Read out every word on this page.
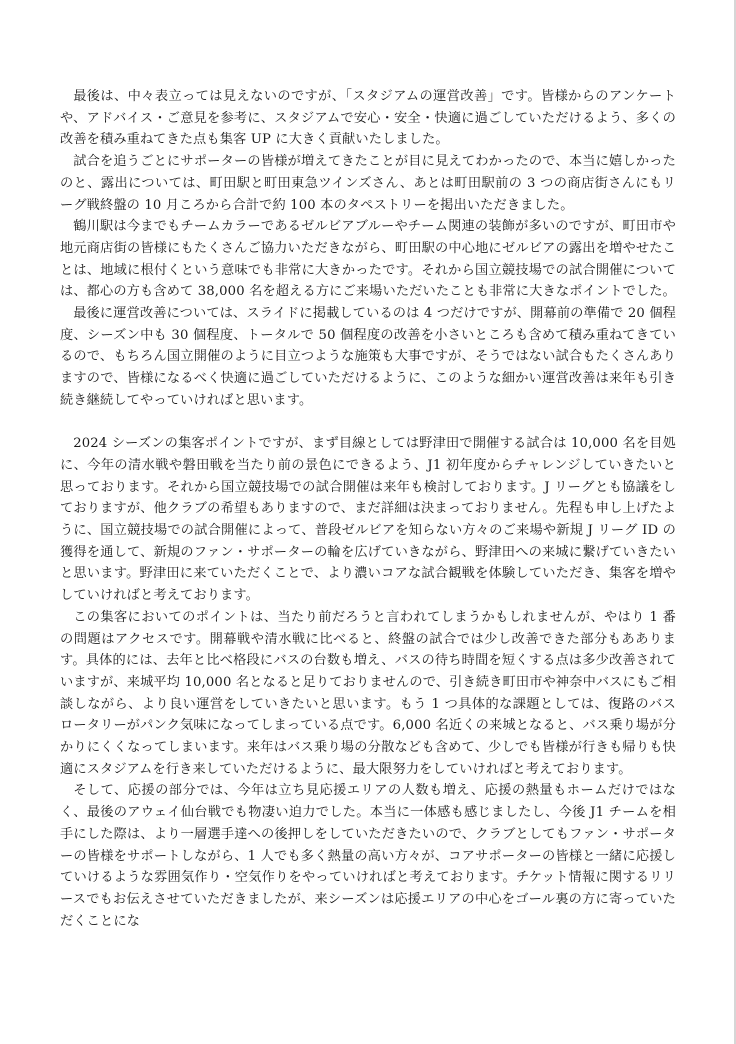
最後は、中々表立っては見えないのですが、「スタジアムの運営改善」です。皆様からのアンケートや、アドバイス・ご意見を参考に、スタジアムで安心・安全・快適に過ごしていただけるよう、多くの改善を積み重ねてきた点も集客 UP に大きく貢献いたしました。

試合を追うごとにサポーターの皆様が増えてきたことが目に見えてわかったので、本当に嬉しかったのと、露出については、町田駅と町田東急ツインズさん、あとは町田駅前の 3 つの商店街さんにもリーグ戦終盤の 10 月ころから合計で約 100 本のタペストリーを掲出いただきました。

鶴川駅は今までもチームカラーであるゼルビアブルーやチーム関連の装飾が多いのですが、町田市や地元商店街の皆様にもたくさんご協力いただきながら、町田駅の中心地にゼルビアの露出を増やせたことは、地域に根付くという意味でも非常に大きかったです。それから国立競技場での試合開催については、都心の方も含めて 38,000 名を超える方にご来場いただいたことも非常に大きなポイントでした。

最後に運営改善については、スライドに掲載しているのは 4 つだけですが、開幕前の準備で 20 個程度、シーズン中も 30 個程度、トータルで 50 個程度の改善を小さいところも含めて積み重ねてきているので、もちろん国立開催のように目立つような施策も大事ですが、そうではない試合もたくさんありますので、皆様になるべく快適に過ごしていただけるように、このような細かい運営改善は来年も引き続き継続してやっていければと思います。

2024 シーズンの集客ポイントですが、まず目線としては野津田で開催する試合は 10,000 名を目処に、今年の清水戦や磐田戦を当たり前の景色にできるよう、J1 初年度からチャレンジしていきたいと思っております。それから国立競技場での試合開催は来年も検討しております。J リーグとも協議をしておりますが、他クラブの希望もありますので、まだ詳細は決まっておりません。先程も申し上げたように、国立競技場での試合開催によって、普段ゼルビアを知らない方々のご来場や新規 J リーグ ID の獲得を通して、新規のファン・サポーターの輪を広げていきながら、野津田への来城に繋げていきたいと思います。野津田に来ていただくことで、より濃いコアな試合観戦を体験していただき、集客を増やしていければと考えております。

この集客においてのポイントは、当たり前だろうと言われてしまうかもしれませんが、やはり 1 番の問題はアクセスです。開幕戦や清水戦に比べると、終盤の試合では少し改善できた部分もああります。具体的には、去年と比べ格段にバスの台数も増え、バスの待ち時間を短くする点は多少改善されていますが、来城平均 10,000 名となると足りておりませんので、引き続き町田市や神奈中バスにもご相談しながら、より良い運営をしていきたいと思います。もう 1 つ具体的な課題としては、復路のバスロータリーがパンク気味になってしまっている点です。6,000 名近くの来城となると、バス乗り場が分かりにくくなってしまいます。来年はバス乗り場の分散なども含めて、少しでも皆様が行きも帰りも快適にスタジアムを行き来していただけるように、最大限努力をしていければと考えております。

そして、応援の部分では、今年は立ち見応援エリアの人数も増え、応援の熱量もホームだけではなく、最後のアウェイ仙台戦でも物凄い迫力でした。本当に一体感も感じましたし、今後 J1 チームを相手にした際は、より一層選手達への後押しをしていただきたいので、クラブとしてもファン・サポーターの皆様をサポートしながら、1 人でも多く熱量の高い方々が、コアサポーターの皆様と一緒に応援していけるような雰囲気作り・空気作りをやっていければと考えております。チケット情報に関するリリースでもお伝えさせていただきましたが、来シーズンは応援エリアの中心をゴール裏の方に寄っていただくことにな
